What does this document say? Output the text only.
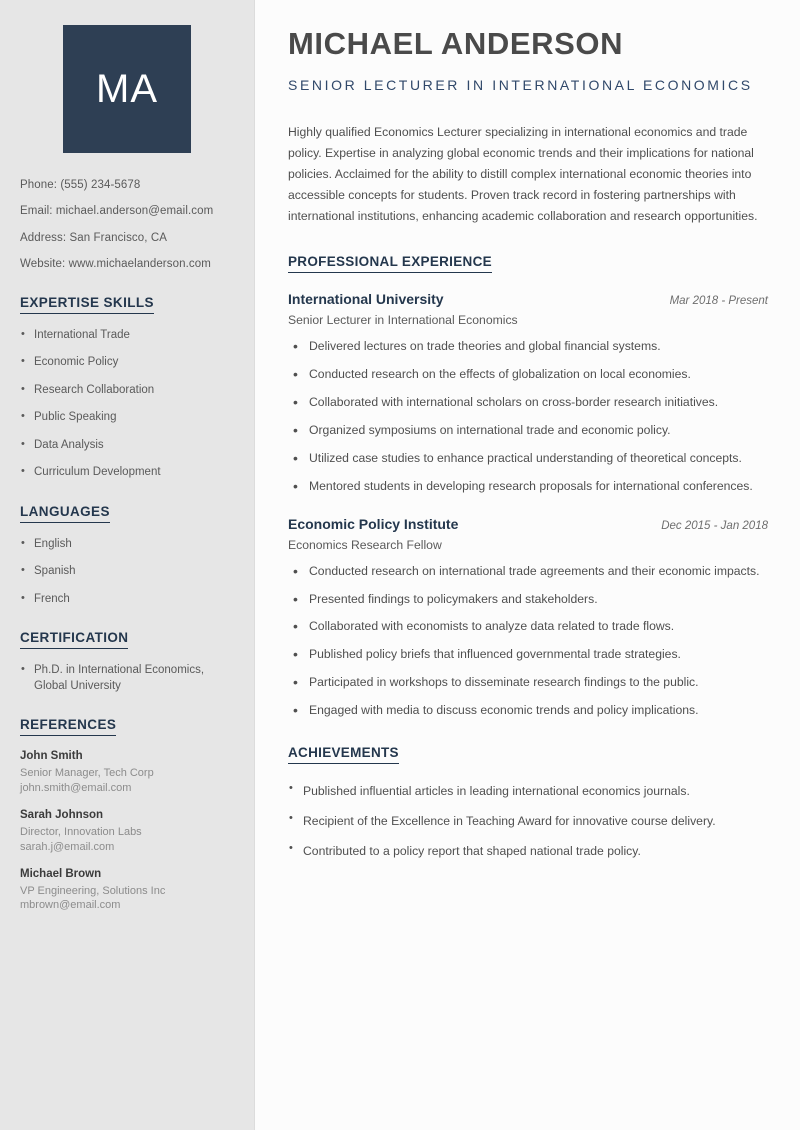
MA
Phone: (555) 234-5678
Email: michael.anderson@email.com
Address: San Francisco, CA
Website: www.michaelanderson.com
EXPERTISE SKILLS
• International Trade
• Economic Policy
• Research Collaboration
• Public Speaking
• Data Analysis
• Curriculum Development
LANGUAGES
• English
• Spanish
• French
CERTIFICATION
• Ph.D. in International Economics, Global University
REFERENCES
John Smith
Senior Manager, Tech Corp
john.smith@email.com
Sarah Johnson
Director, Innovation Labs
sarah.j@email.com
Michael Brown
VP Engineering, Solutions Inc
mbrown@email.com
MICHAEL ANDERSON
SENIOR LECTURER IN INTERNATIONAL ECONOMICS

Highly qualified Economics Lecturer specializing in international economics and trade policy. Expertise in analyzing global economic trends and their implications for national policies. Acclaimed for the ability to distill complex international economic theories into accessible concepts for students. Proven track record in fostering partnerships with international institutions, enhancing academic collaboration and research opportunities.

PROFESSIONAL EXPERIENCE
International University	Mar 2018 - Present
Senior Lecturer in International Economics
• Delivered lectures on trade theories and global financial systems.
• Conducted research on the effects of globalization on local economies.
• Collaborated with international scholars on cross-border research initiatives.
• Organized symposiums on international trade and economic policy.
• Utilized case studies to enhance practical understanding of theoretical concepts.
• Mentored students in developing research proposals for international conferences.
Economic Policy Institute	Dec 2015 - Jan 2018
Economics Research Fellow
• Conducted research on international trade agreements and their economic impacts.
• Presented findings to policymakers and stakeholders.
• Collaborated with economists to analyze data related to trade flows.
• Published policy briefs that influenced governmental trade strategies.
• Participated in workshops to disseminate research findings to the public.
• Engaged with media to discuss economic trends and policy implications.
ACHIEVEMENTS
• Published influential articles in leading international economics journals.
• Recipient of the Excellence in Teaching Award for innovative course delivery.
• Contributed to a policy report that shaped national trade policy.
